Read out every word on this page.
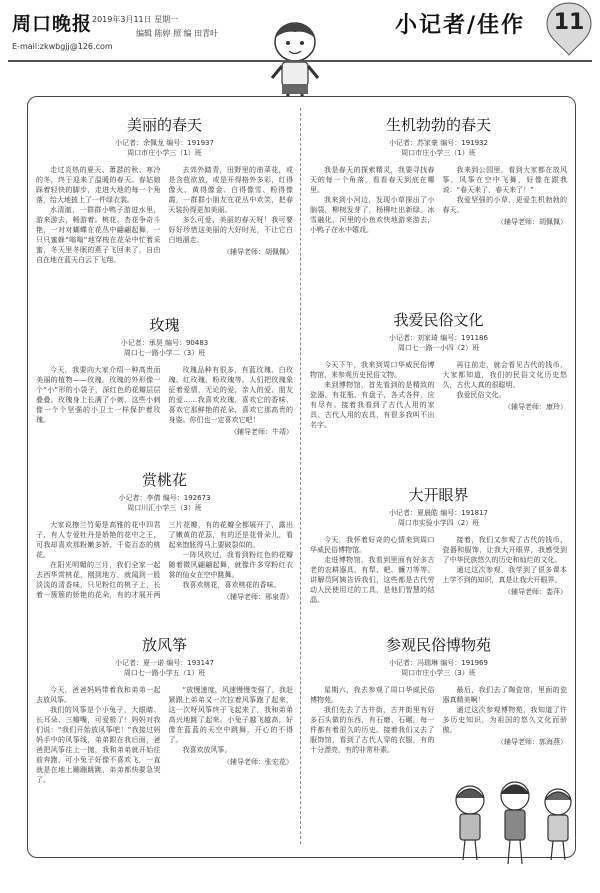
周口晚报
E-mail:zkwbgjj@126.com
2019年3月11日 星期一
编辑 陈婷 照 编 田青叶	小记者/佳作	11
美丽的春天
小记者：余佩龙 编号：191937
周口市庄小学三（1）班

走过炎热的夏天、萧瑟的秋、寒冷的冬，终于迎来了温暖的春天。春姑娘踩着轻快的脚步，走进大地的每一个角落，给大地披上了一件绿衣裳。

水清澈，一群群小鸭子游进水里，游来游去，畅游着。桃花、杏花争奇斗艳，一对对蝴蝶在花丛中翩翩起舞，一只只蜜蜂“嗡嗡”地穿梭在花朵中忙着采蜜，冬天里冬眠的燕子飞回来了，自由自在地在蓝天白云下飞翔。

去郊外踏青，田野里的油菜花，或是含苞欲放，或是开得格外多彩，红得像火、黄得像金、白得像雪、粉得像霞，一群群小朋友在花丛中欢笑，把春天装扮得更加美丽。

多么可爱、美丽的春天呀！我可要好好珍惜这美丽的大好时光，不让它白白地溜走。

（辅导老师：胡佩佩）
玫瑰
小记者：承昊 编号：90483
周口七一路小学二（3）班

今天，我要向大家介绍一种高贵而美丽的植物——玫瑰。玫瑰的外形像一个“小”形的小袋子，深红色的花瓣层层叠叠。玫瑰身上长满了小刺，这些小刺像一个个坚强的小卫士一样保护着玫瑰。

玫瑰品种有很多，有蓝玫瑰、白玫瑰、红玫瑰、粉玫瑰等。人们把玫瑰象征着爱情，无论的爱，亲人的爱、朋友的爱……我喜欢玫瑰，喜欢它的香味，喜欢它那鲜艳的花朵，喜欢它那高贵的身姿。你们也一定喜欢它吧！

（辅导老师：牛靖）
赏桃花
小记者：李倩 编号：192673
周口川汇小学三（3）班

大家说擦兰竹菊是高雅的花中四君子，有人专爱牡丹是娇艳的花中之王，可我却喜欢那粉嫩多娇、千姿百态的桃花。

在阳光明媚的三月，我们全家一起去西华赏桃花，刚到地方，就闻到一股淡淡的清香味，只见粉红的桃子上，长着一簇簇的娇艳的花朵，有的才展开两三片花瓣，有的花瓣全都展开了，露出了嫩黄的花蕊，有的还是花骨朵儿，看起来饱胀得马上要破裂似的。

一阵风吹过，我看到粉红色的花瓣随着微风翩翩起舞，就像许多穿粉红衣裳的仙女在空中跳舞。

我喜欢桃花，喜欢桃花的香味。

（辅导老师：邢泉青）
放风筝
小记者：夏一诺 编号：193147
周口七一路小学五（1）班

今天，爸爸妈妈带着我和弟弟一起去放风筝。

我们的风筝是个小兔子，大眼睛、长耳朵、三瓣嘴，可爱极了！妈妈对我们说：“我们开始放风筝吧！”我接过妈妈手中的风筝线，弟弟跟在我后面，爸爸把风筝往上一抛，我和弟弟就开始往前奔跑，可小兔子好像不喜欢飞，一直就是在地上蹦蹦跳跳，弟弟都快要急哭了。

“放慢速度，风速慢慢变强了，我赶紧跟上弟弟又一次拉着风筝跑了起来，这一次呀风筝终于飞起来了，我和弟弟高兴地跳了起来。小兔子越飞越高，好像在蓝蓝的天空中跳舞，开心的不得了。

我喜欢放风筝。

（辅导老师：张宏花）
生机勃勃的春天
小记者：苏家豪 编号：191932
周口市庄小学三（1）班

我是春天的探索精灵，我要寻找春天的每一个角落，看看春天到底在哪里。

我来到小河边，发现小草探出了小脑袋，柳树发芽了，杨柳吐出新绿。冰雪融化，河里的小鱼欢快地游来游去，小鸭子在水中嬉戏。

我来到公园里，看到大家都在放风筝，风筝在空中飞舞，好像在跟我说：“春天来了，春天来了！”

我爱坚强的小草，更爱生机勃勃的春天。

（辅导老师：胡佩佩）
我爱民俗文化
小记者：刘家琦 编号：191186
周口七一路一小四（2）班

今天下午，我来到周口华威民俗博物馆，来参观历史民俗文物。

来到博物馆，首先看到的是精致的瓷器，有花瓶、有盘子，各式各样，应有尽有。接着我看到了古代人用的家具、古代人用的农具，有很多我叫不出名字。

再往前走，就会看见古代的钱币，大家都知道，我们的民俗文化历史悠久，古代人真的很聪明。

我爱民俗文化。

（辅导老师：康玲）
大开眼界
小记者：夏晨皓 编号：191817
周口市实验小学四（2）班

今天，我怀着好奇的心情来到周口华威民俗博物馆。

走进博物馆，我看到里面有好多古老的农耕器具，有犁、耙、镰刀等等。讲解员阿姨告诉我们，这些都是古代劳动人民使用过的工具，是他们智慧的结晶。

接着，我们又参观了古代的钱币、瓷器和服饰，让我大开眼界，我感受到了中华民族悠久的历史和灿烂的文化。

通过这次参观，我学到了很多课本上学不到的知识，真是让我大开眼界。

（辅导老师：娄萍）
参观民俗博物苑
小记者：冯瑞琳 编号：191969
周口市庄小学三（3）班

星期六，我去参观了周口华威民俗博物苑。

我们先去了古井街，古井街里有好多石头做的东西，有石磨、石碾，每一件都有着很久的历史。接着我们又去了服饰馆，看到了古代人穿的衣服，有的十分漂亮，有的非常朴素。

最后，我们去了陶瓷馆，里面的瓷器真精美啊！

通过这次参观博物苑，我知道了许多历史知识，为祖国的悠久文化而骄傲。

（辅导老师：郭海燕）
